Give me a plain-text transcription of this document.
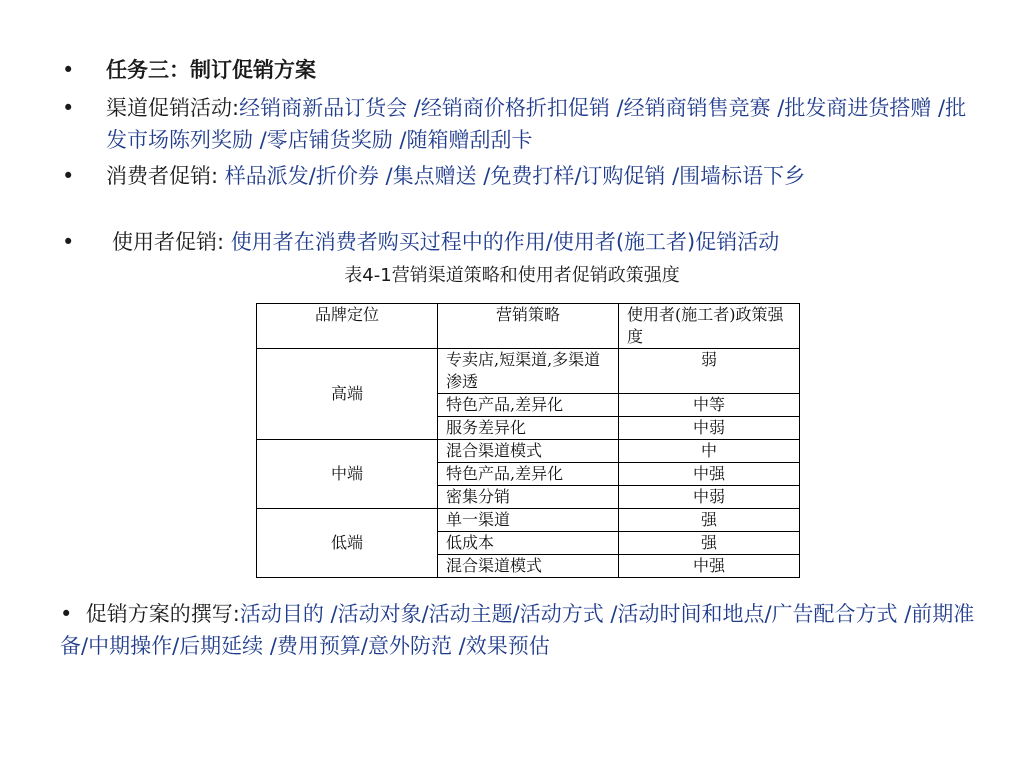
•	任务三：制订促销方案
•	渠道促销活动:经销商新品订货会 /经销商价格折扣促销 /经销商销售竞赛 /批发商进货搭赠 /批发市场陈列奖励 /零店铺货奖励 /随箱赠刮刮卡
•	消费者促销: 样品派发/折价券 /集点赠送 /免费打样/订购促销 /围墙标语下乡
•	使用者促销: 使用者在消费者购买过程中的作用/使用者(施工者)促销活动
表4-1营销渠道策略和使用者促销政策强度
品牌定位	营销策略	使用者(施工者)政策强度
高端	专卖店,短渠道,多渠道渗透	弱
	特色产品,差异化	中等
	服务差异化	中弱
中端	混合渠道模式	中
	特色产品,差异化	中强
	密集分销	中弱
低端	单一渠道	强
	低成本	强
	混合渠道模式	中强
• 促销方案的撰写:活动目的 /活动对象/活动主题/活动方式 /活动时间和地点/广告配合方式 /前期准备/中期操作/后期延续 /费用预算/意外防范 /效果预估
